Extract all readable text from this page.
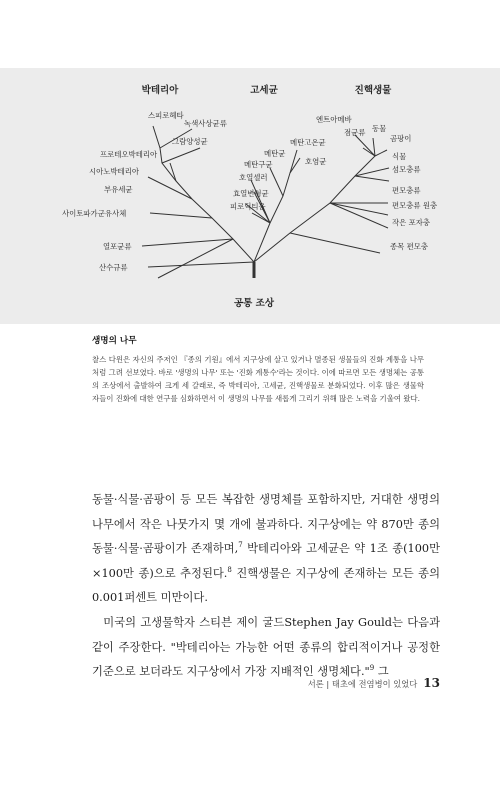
박테리아	고세균	진핵생물
스피로헤타
녹색사상균류
그람양성균
프로테오박테리아
시아노박테리아
부유세균
사이토파가군유사체
열포균류
산수규류
메탄고온균
메탄균
호염균
메탄구균
호열셀러
효열변형균
피로딕티움
엔트아메바
점균류 동물
곰팡이
식물
섬모충류
편모충류
편모충류 원충
작은 포자충
종목 편모충
공통 조상

생명의 나무

찰스 다윈은 자신의 주저인 『종의 기원』에서 지구상에 살고 있거나 멸종된 생물들의 진화 계통을 나무처럼 그려 선보였다. 바로 '생명의 나무' 또는 '진화 계통수'라는 것이다. 이에 따르면 모든 생명체는 공통의 조상에서 출발하여 크게 세 갈래로, 즉 박테리아, 고세균, 진핵생물로 분화되었다. 이후 많은 생물학자들이 진화에 대한 연구를 심화하면서 이 생명의 나무를 새롭게 그리기 위해 많은 노력을 기울여 왔다.

동물·식물·곰팡이 등 모든 복잡한 생명체를 포함하지만, 거대한 생명의 나무에서 작은 나뭇가지 몇 개에 불과하다. 지구상에는 약 870만 종의 동물·식물·곰팡이가 존재하며,$^7$ 박테리아와 고세균은 약 1조 종(100만×100만 종)으로 추정된다.$^8$ 진핵생물은 지구상에 존재하는 모든 종의 0.001퍼센트 미만이다.

미국의 고생물학자 스티븐 제이 굴드Stephen Jay Gould는 다음과 같이 주장한다. "박테리아는 가능한 어떤 종류의 합리적이거나 공정한 기준으로 보더라도 지구상에서 가장 지배적인 생명체다."$^9$ 그

서론 | 태초에 전염병이 있었다 13
